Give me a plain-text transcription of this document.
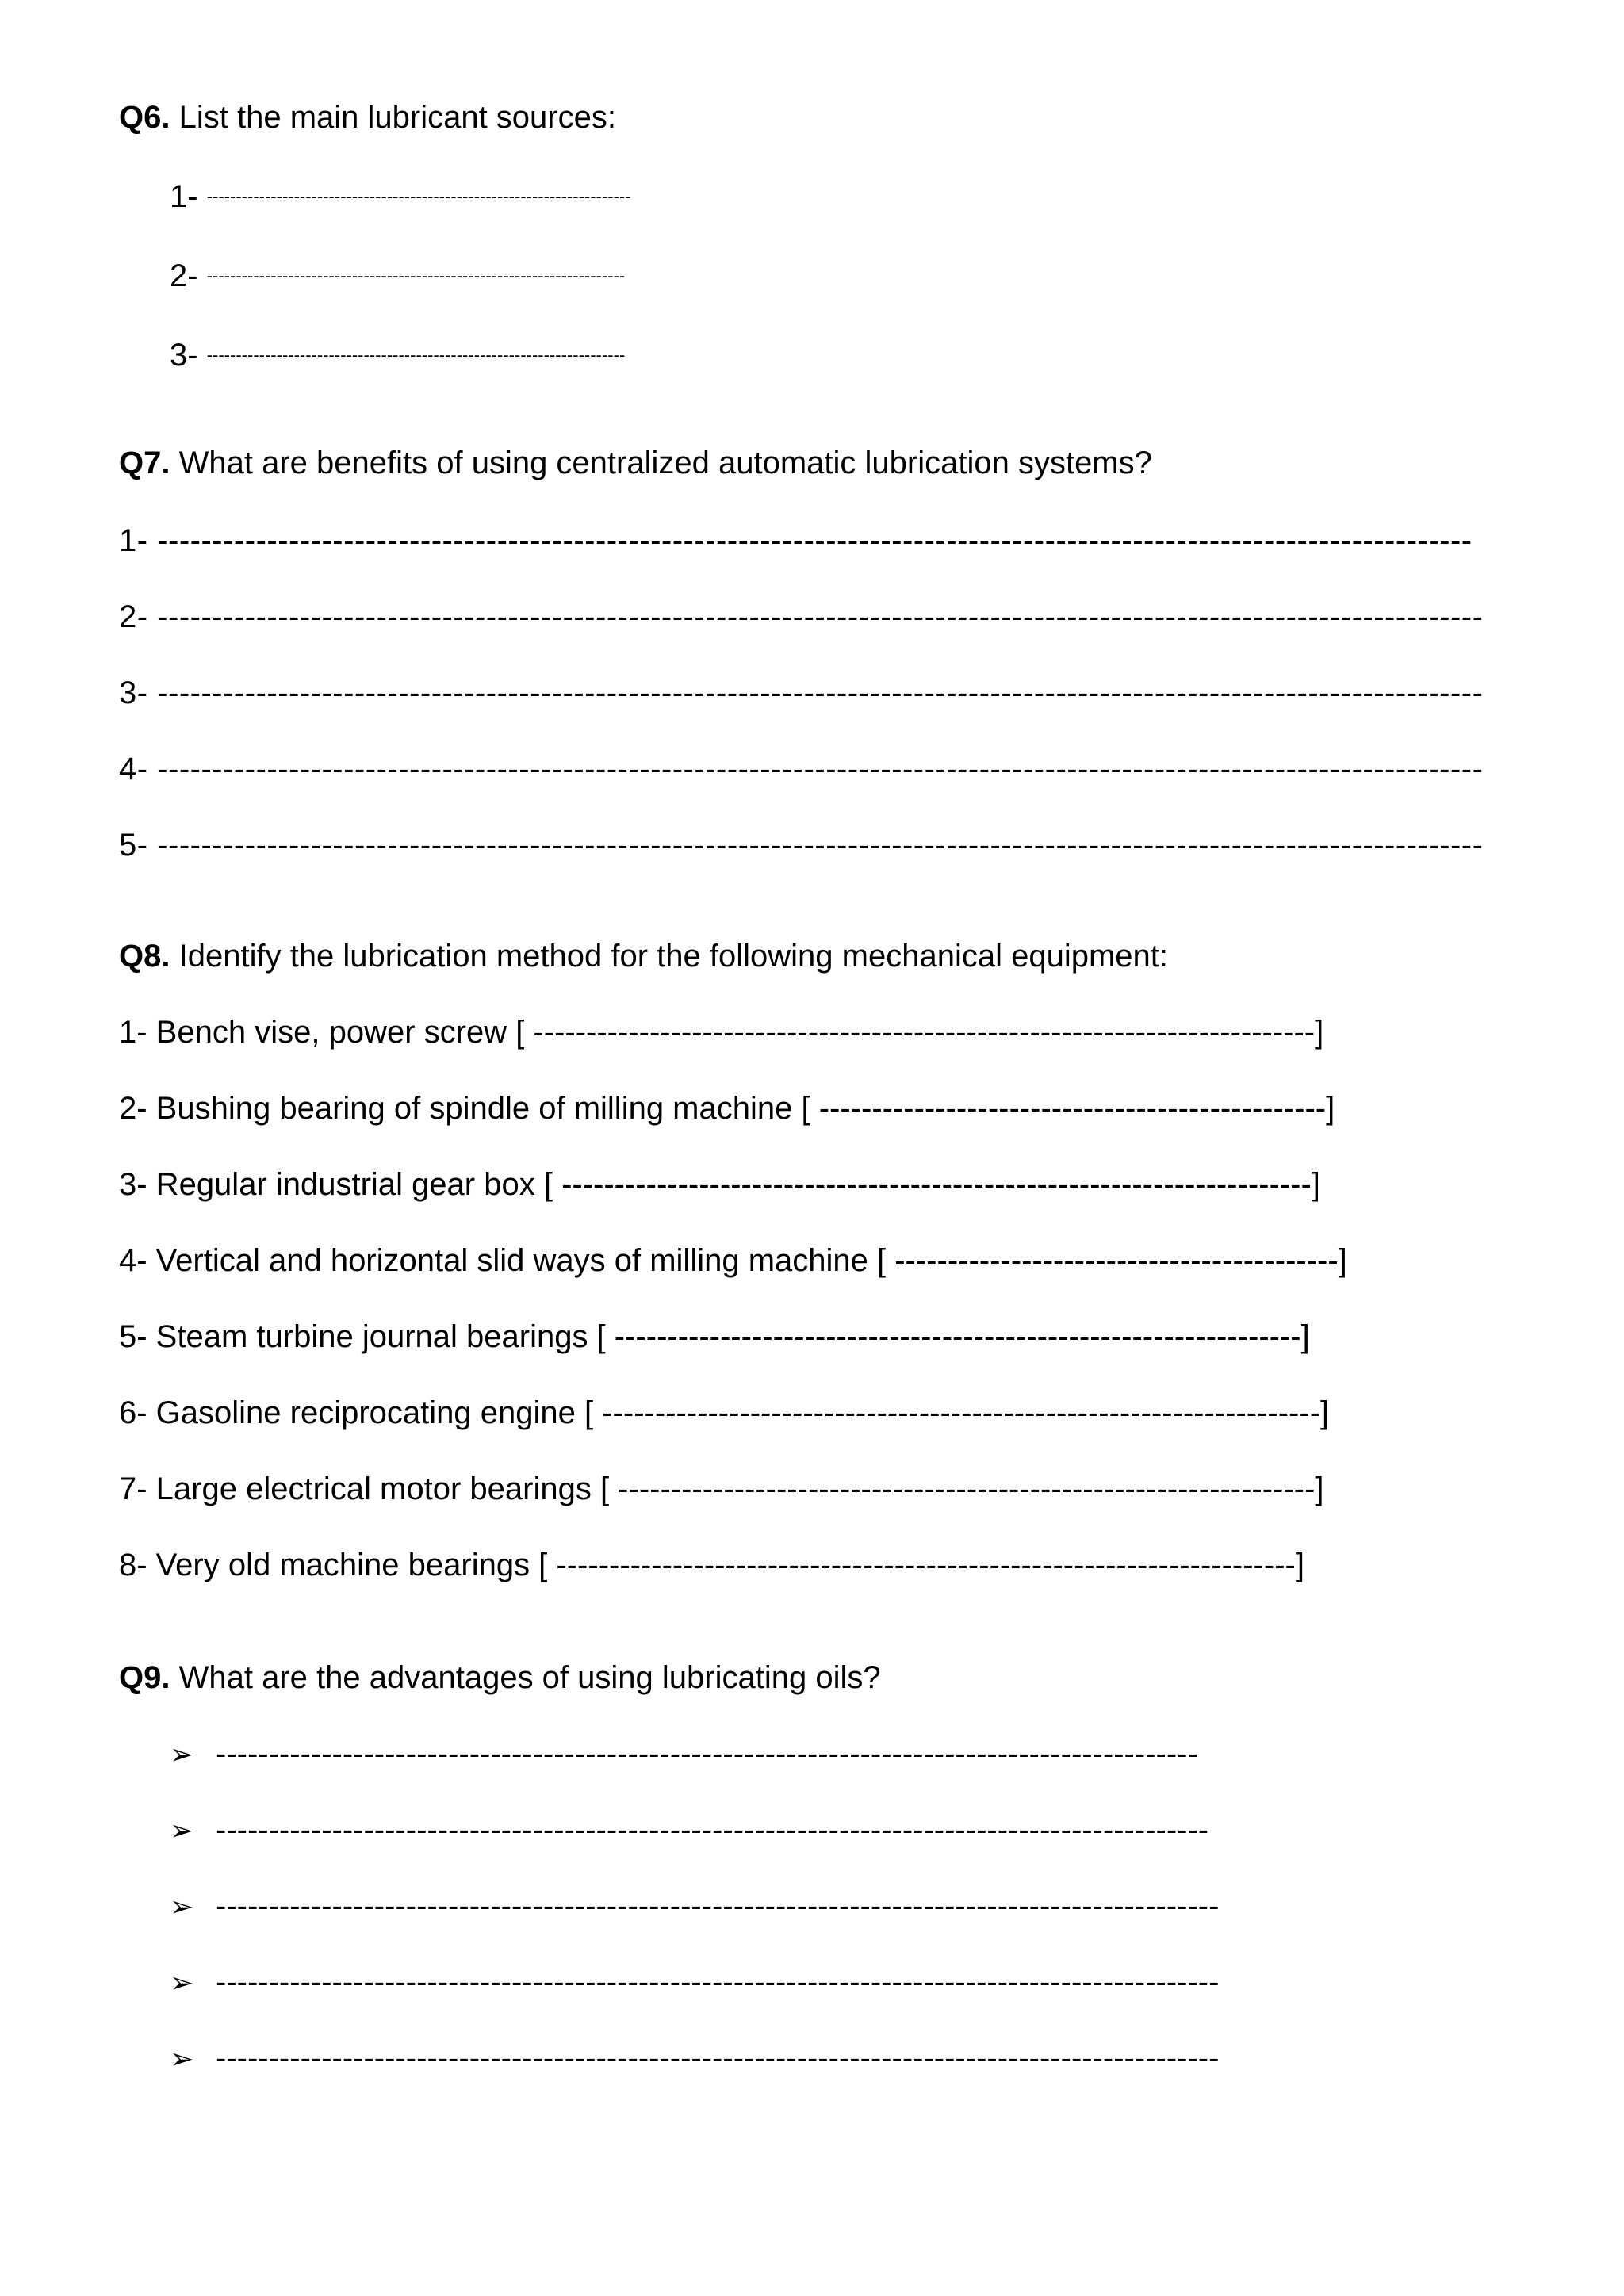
Q6. List the main lubricant sources:
1- -------------------------------------------------------------------------
2- ------------------------------------------------------------------------
3- ------------------------------------------------------------------------
Q7. What are benefits of using centralized automatic lubrication systems?
1- ------------------------------------------------------------------------------------------------------------------------
2- -------------------------------------------------------------------------------------------------------------------------
3- -------------------------------------------------------------------------------------------------------------------------
4- -------------------------------------------------------------------------------------------------------------------------
5- -------------------------------------------------------------------------------------------------------------------------
Q8. Identify the lubrication method for the following mechanical equipment:
1- Bench vise, power screw [ --------------------------------------------------------------------------]
2- Bushing bearing of spindle of milling machine [ ------------------------------------------------]
3- Regular industrial gear box [ -----------------------------------------------------------------------]
4- Vertical and horizontal slid ways of milling machine [ ------------------------------------------]
5- Steam turbine journal bearings [ -----------------------------------------------------------------]
6- Gasoline reciprocating engine [ --------------------------------------------------------------------]
7- Large electrical motor bearings [ ------------------------------------------------------------------]
8- Very old machine bearings [ ----------------------------------------------------------------------]
Q9. What are the advantages of using lubricating oils?
➢ ---------------------------------------------------------------------------------------------
➢ ----------------------------------------------------------------------------------------------
➢ -----------------------------------------------------------------------------------------------
➢ -----------------------------------------------------------------------------------------------
➢ -----------------------------------------------------------------------------------------------
